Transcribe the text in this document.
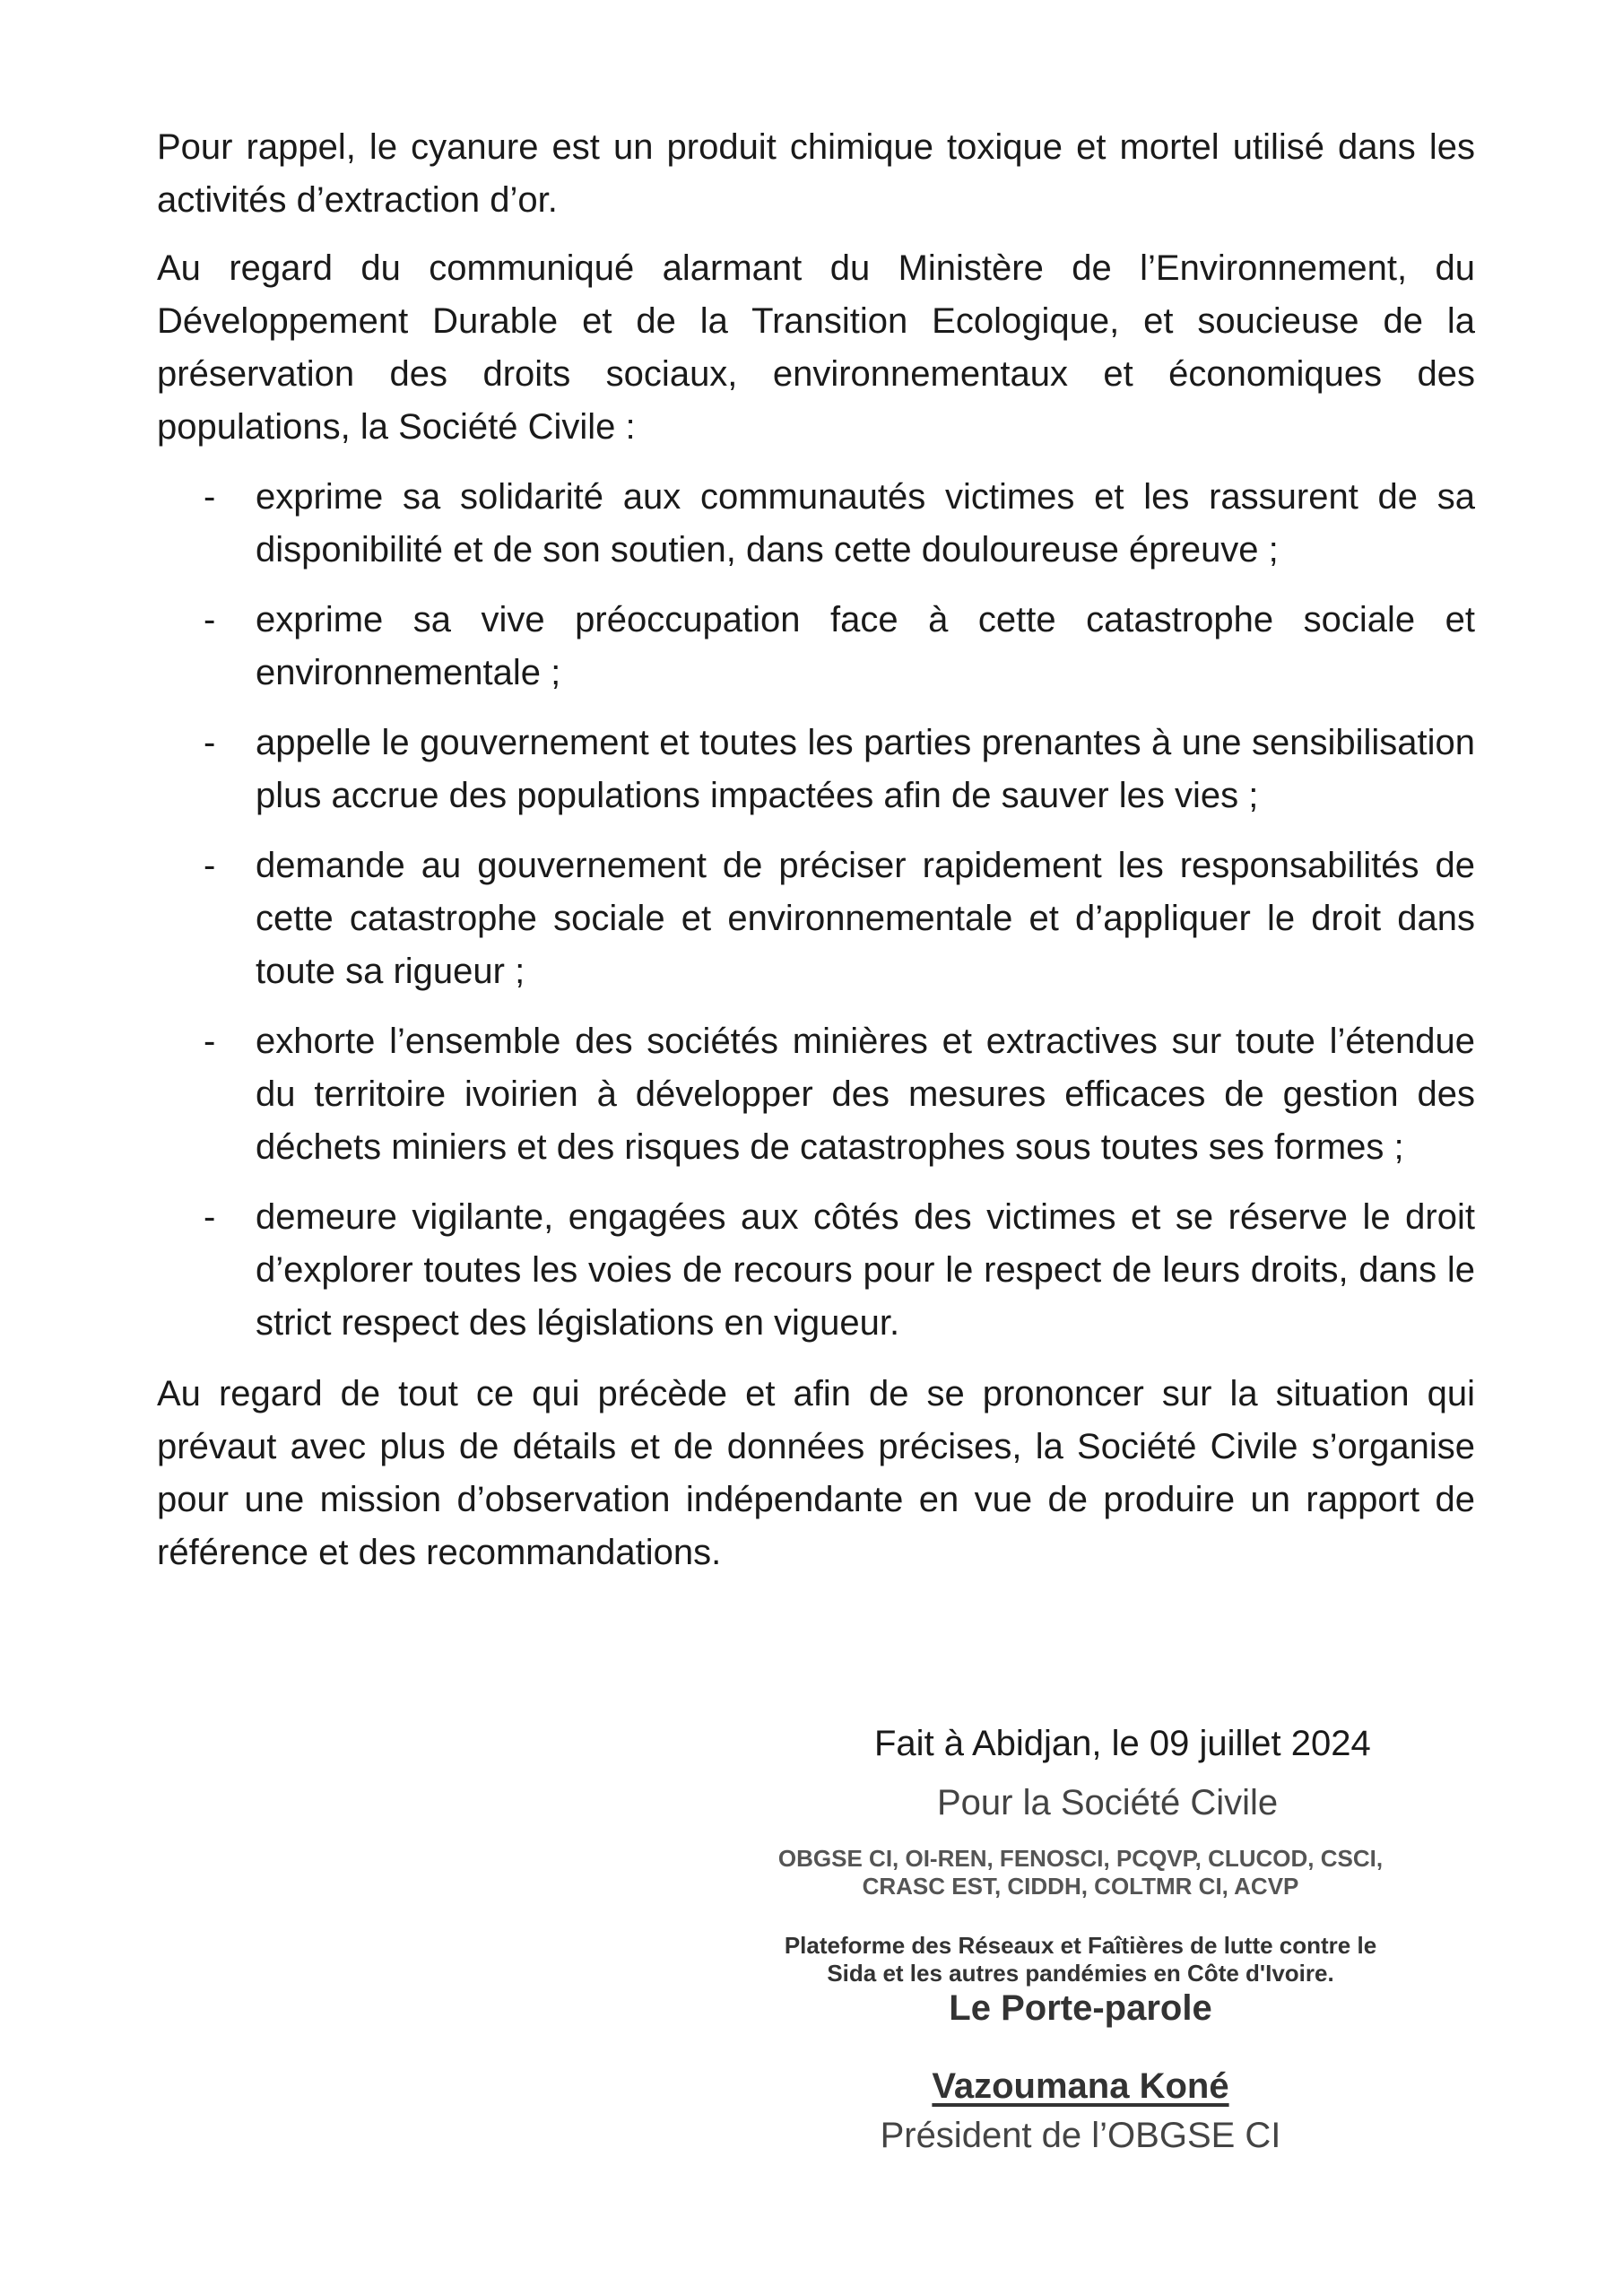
Pour rappel, le cyanure est un produit chimique toxique et mortel utilisé dans les activités d’extraction d’or.

Au regard du communiqué alarmant du Ministère de l’Environnement, du Développement Durable et de la Transition Ecologique, et soucieuse de la préservation des droits sociaux, environnementaux et économiques des populations, la Société Civile :

- exprime sa solidarité aux communautés victimes et les rassurent de sa disponibilité et de son soutien, dans cette douloureuse épreuve ;
- exprime sa vive préoccupation face à cette catastrophe sociale et environnementale ;
- appelle le gouvernement et toutes les parties prenantes à une sensibilisation plus accrue des populations impactées afin de sauver les vies ;
- demande au gouvernement de préciser rapidement les responsabilités de cette catastrophe sociale et environnementale et d’appliquer le droit dans toute sa rigueur ;
- exhorte l’ensemble des sociétés minières et extractives sur toute l’étendue du territoire ivoirien à développer des mesures efficaces de gestion des déchets miniers et des risques de catastrophes sous toutes ses formes ;
- demeure vigilante, engagées aux côtés des victimes et se réserve le droit d’explorer toutes les voies de recours pour le respect de leurs droits, dans le strict respect des législations en vigueur.

Au regard de tout ce qui précède et afin de se prononcer sur la situation qui prévaut avec plus de détails et de données précises, la Société Civile s’organise pour une mission d’observation indépendante en vue de produire un rapport de référence et des recommandations.

Fait à Abidjan, le 09 juillet 2024
Pour la Société Civile
OBGSE CI, OI-REN, FENOSCI, PCQVP, CLUCOD, CSCI,
CRASC EST, CIDDH, COLTMR CI, ACVP
Plateforme des Réseaux et Faîtières de lutte contre le
Sida et les autres pandémies en Côte d'Ivoire.
Le Porte-parole
Vazoumana Koné
Président de l’OBGSE CI
